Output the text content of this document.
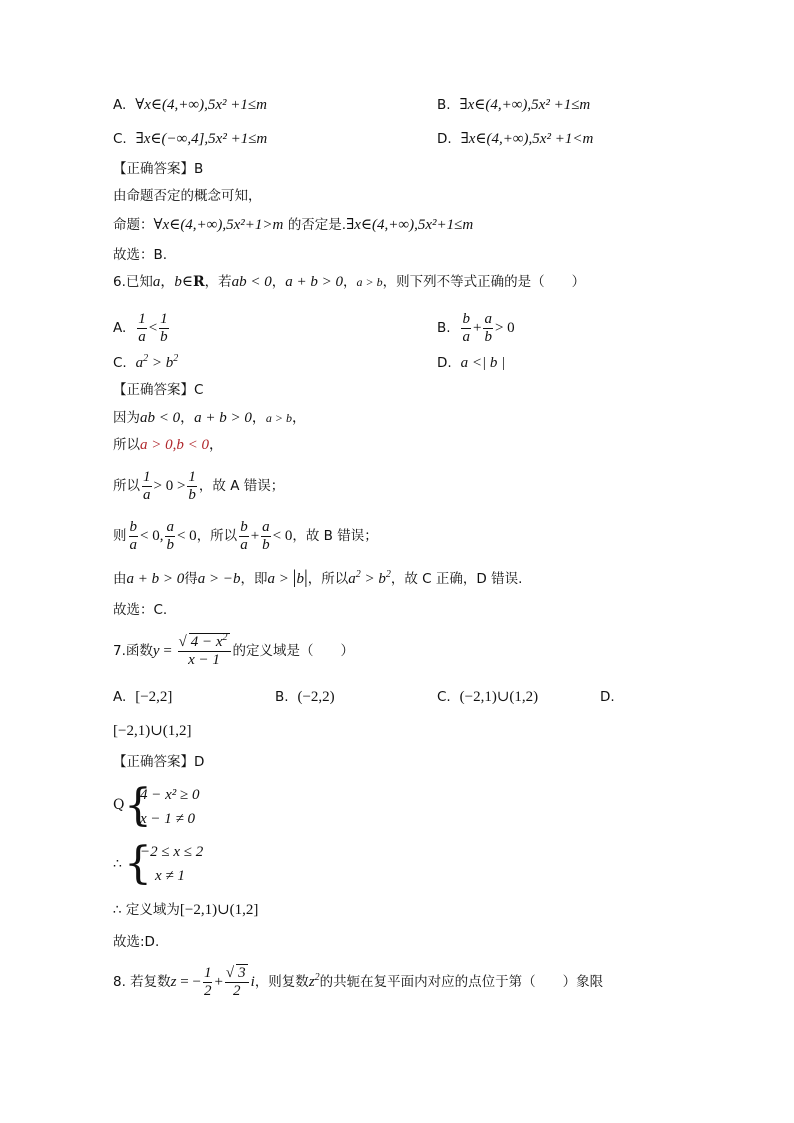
A. ∀x∈(4,+∞),5x² +1≤m	B. ∃x∈(4,+∞),5x² +1≤m
C. ∃x∈(−∞,4],5x² +1≤m	D. ∃x∈(4,+∞),5x² +1<m
【正确答案】B
由命题否定的概念可知，
命题：∀x∈(4,+∞),5x²+1>m 的否定是.∃x∈(4,+∞),5x²+1≤m
故选：B.
6.已知a，b∈R，若ab < 0，a + b > 0，a > b，则下列不等式正确的是（　　）
A. $\frac{1}{a} < \frac{1}{b}$	B. $\frac{b}{a} + \frac{a}{b} > 0$
C. $a^2 > b^2$	D. a <| b |
【正确答案】C
因为ab < 0，a + b > 0，a > b，
所以a > 0,b < 0，
所以 $\frac{1}{a} > 0 > \frac{1}{b}$ ，故 A 错误；
则 $\frac{b}{a} < 0$, $\frac{a}{b} < 0$，所以 $\frac{b}{a} + \frac{a}{b} < 0$，故 B 错误；
由a + b > 0得a > −b，即a > |b|，所以$a^2 > b^2$，故 C 正确，D 错误.
故选：C.
7.函数$y = \frac{√ 4 - x^2}{x - 1}$ 的定义域是（　　）
A. [−2,2]	B. (−2,2)	C. (−2,1)∪(1,2)	D.
[−2,1)∪(1,2]
【正确答案】D
Q {
4 − x² ≥ 0
x − 1 ≠ 0
∴ {
−2 ≤ x ≤ 2
x ≠ 1
∴ 定义域为[−2,1)∪(1,2]
故选:D.
8. 若复数z = − $\frac{1}{2} + \frac{√ 3}{2}$ i，则复数$z^2$的共轭在复平面内对应的点位于第（　　）象限
